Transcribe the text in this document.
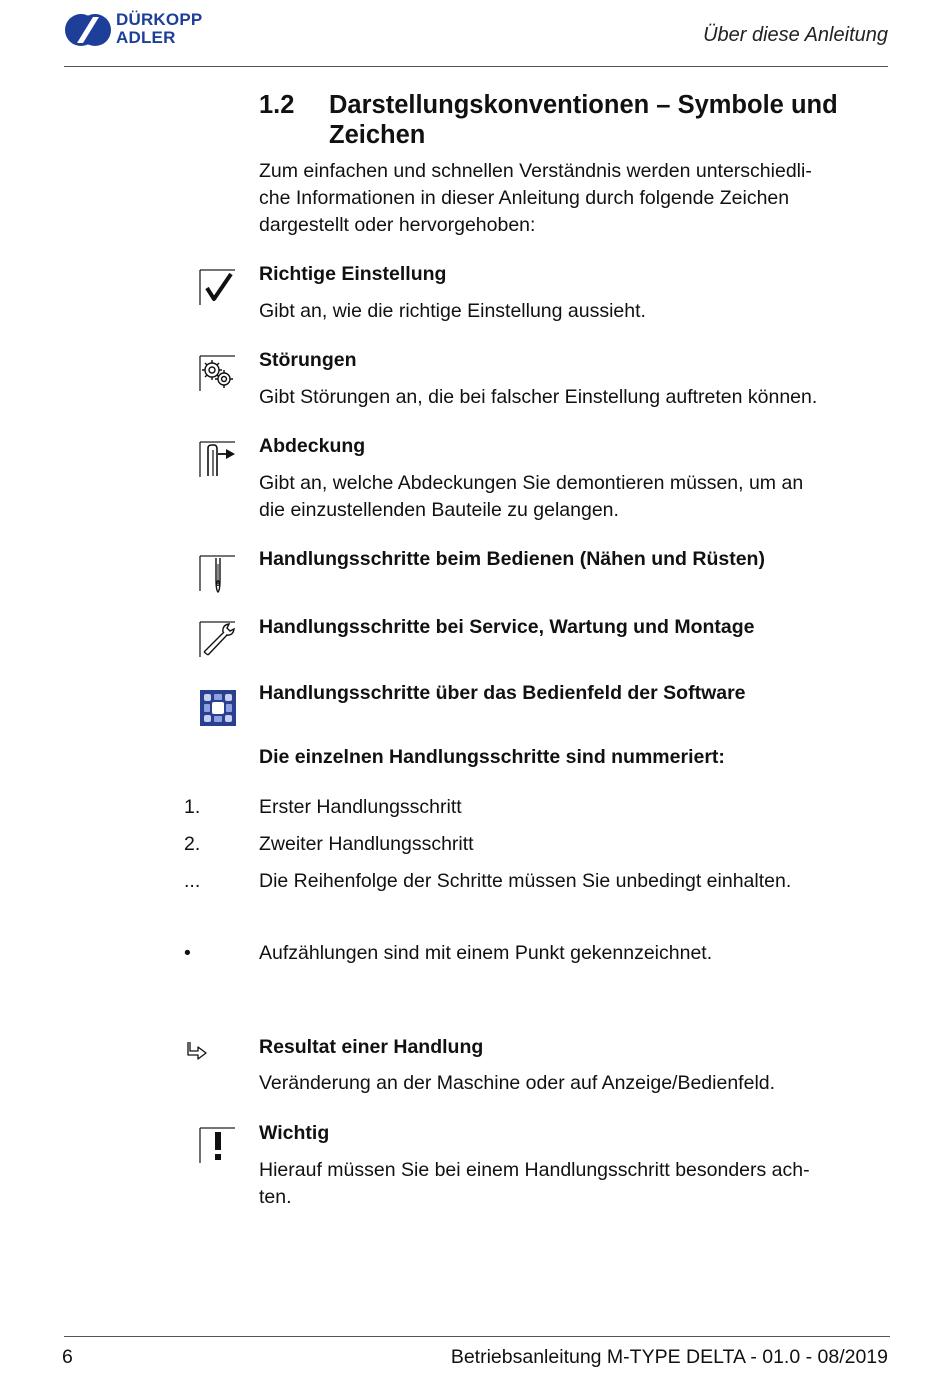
DÜRKOPP
ADLER	Über diese Anleitung
1.2 Darstellungskonventionen – Symbole und Zeichen
Zum einfachen und schnellen Verständnis werden unterschiedli-
che Informationen in dieser Anleitung durch folgende Zeichen
dargestellt oder hervorgehoben:
Richtige Einstellung
Gibt an, wie die richtige Einstellung aussieht.
Störungen
Gibt Störungen an, die bei falscher Einstellung auftreten können.
Abdeckung
Gibt an, welche Abdeckungen Sie demontieren müssen, um an
die einzustellenden Bauteile zu gelangen.
Handlungsschritte beim Bedienen (Nähen und Rüsten)
Handlungsschritte bei Service, Wartung und Montage
Handlungsschritte über das Bedienfeld der Software
Die einzelnen Handlungsschritte sind nummeriert:
1.	Erster Handlungsschritt
2.	Zweiter Handlungsschritt
...	Die Reihenfolge der Schritte müssen Sie unbedingt einhalten.
•	Aufzählungen sind mit einem Punkt gekennzeichnet.
Resultat einer Handlung
Veränderung an der Maschine oder auf Anzeige/Bedienfeld.
Wichtig
Hierauf müssen Sie bei einem Handlungsschritt besonders ach-
ten.
6	Betriebsanleitung M-TYPE DELTA - 01.0 - 08/2019
